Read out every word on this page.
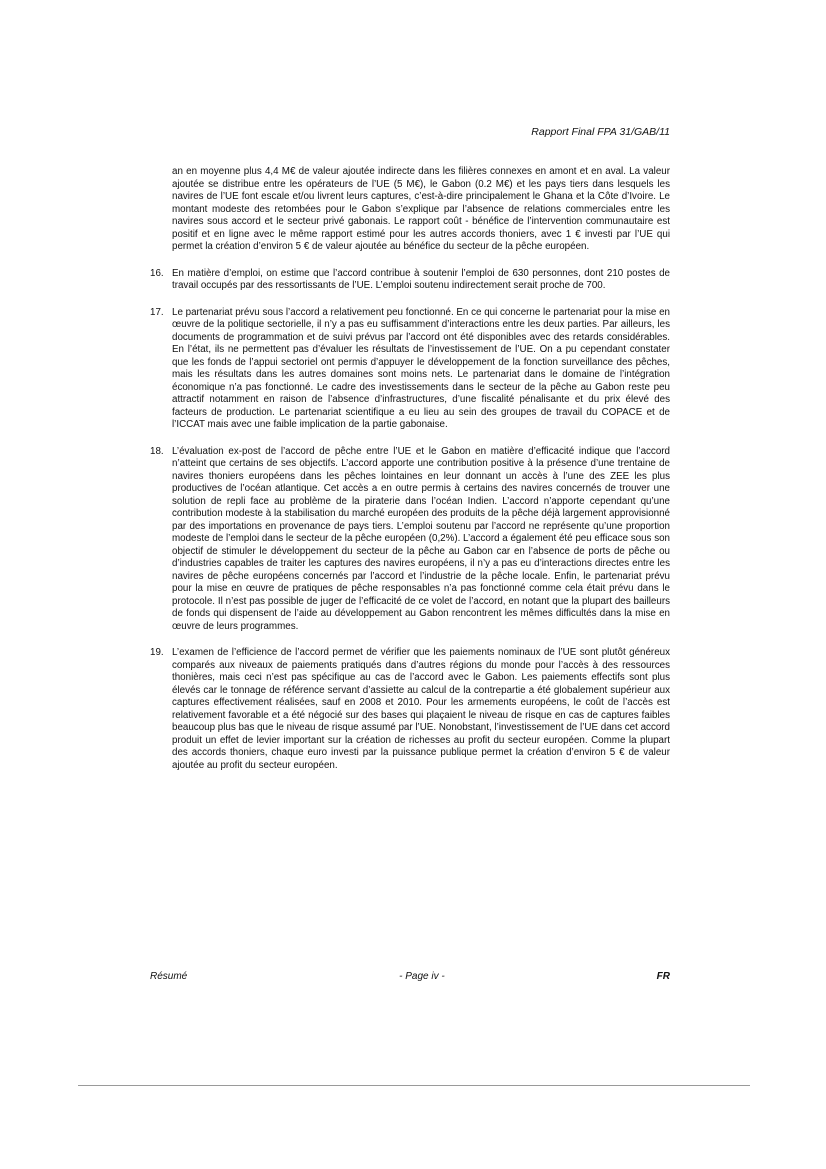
Rapport Final FPA 31/GAB/11

an en moyenne plus 4,4 M€ de valeur ajoutée indirecte dans les filières connexes en amont et en aval. La valeur ajoutée se distribue entre les opérateurs de l’UE (5 M€), le Gabon (0.2 M€) et les pays tiers dans lesquels les navires de l’UE font escale et/ou livrent leurs captures, c’est-à-dire principalement le Ghana et la Côte d’Ivoire. Le montant modeste des retombées pour le Gabon s’explique par l’absence de relations commerciales entre les navires sous accord et le secteur privé gabonais. Le rapport coût - bénéfice de l’intervention communautaire est positif et en ligne avec le même rapport estimé pour les autres accords thoniers, avec 1 € investi par l’UE qui permet la création d’environ 5 € de valeur ajoutée au bénéfice du secteur de la pêche européen.

16. En matière d’emploi, on estime que l’accord contribue à soutenir l’emploi de 630 personnes, dont 210 postes de travail occupés par des ressortissants de l’UE. L’emploi soutenu indirectement serait proche de 700.

17. Le partenariat prévu sous l’accord a relativement peu fonctionné. En ce qui concerne le partenariat pour la mise en œuvre de la politique sectorielle, il n’y a pas eu suffisamment d’interactions entre les deux parties. Par ailleurs, les documents de programmation et de suivi prévus par l’accord ont été disponibles avec des retards considérables. En l’état, ils ne permettent pas d’évaluer les résultats de l’investissement de l’UE. On a pu cependant constater que les fonds de l’appui sectoriel ont permis d’appuyer le développement de la fonction surveillance des pêches, mais les résultats dans les autres domaines sont moins nets. Le partenariat dans le domaine de l’intégration économique n’a pas fonctionné. Le cadre des investissements dans le secteur de la pêche au Gabon reste peu attractif notamment en raison de l’absence d’infrastructures, d’une fiscalité pénalisante et du prix élevé des facteurs de production. Le partenariat scientifique a eu lieu au sein des groupes de travail du COPACE et de l’ICCAT mais avec une faible implication de la partie gabonaise.

18. L’évaluation ex-post de l’accord de pêche entre l’UE et le Gabon en matière d’efficacité indique que l’accord n’atteint que certains de ses objectifs. L’accord apporte une contribution positive à la présence d’une trentaine de navires thoniers européens dans les pêches lointaines en leur donnant un accès à l’une des ZEE les plus productives de l’océan atlantique. Cet accès a en outre permis à certains des navires concernés de trouver une solution de repli face au problème de la piraterie dans l’océan Indien. L’accord n’apporte cependant qu’une contribution modeste à la stabilisation du marché européen des produits de la pêche déjà largement approvisionné par des importations en provenance de pays tiers. L’emploi soutenu par l’accord ne représente qu’une proportion modeste de l’emploi dans le secteur de la pêche européen (0,2%). L’accord a également été peu efficace sous son objectif de stimuler le développement du secteur de la pêche au Gabon car en l’absence de ports de pêche ou d’industries capables de traiter les captures des navires européens, il n’y a pas eu d’interactions directes entre les navires de pêche européens concernés par l’accord et l’industrie de la pêche locale. Enfin, le partenariat prévu pour la mise en œuvre de pratiques de pêche responsables n’a pas fonctionné comme cela était prévu dans le protocole. Il n’est pas possible de juger de l’efficacité de ce volet de l’accord, en notant que la plupart des bailleurs de fonds qui dispensent de l’aide au développement au Gabon rencontrent les mêmes difficultés dans la mise en œuvre de leurs programmes.

19. L’examen de l’efficience de l’accord permet de vérifier que les paiements nominaux de l’UE sont plutôt généreux comparés aux niveaux de paiements pratiqués dans d’autres régions du monde pour l’accès à des ressources thonières, mais ceci n’est pas spécifique au cas de l’accord avec le Gabon. Les paiements effectifs sont plus élevés car le tonnage de référence servant d’assiette au calcul de la contrepartie a été globalement supérieur aux captures effectivement réalisées, sauf en 2008 et 2010. Pour les armements européens, le coût de l’accès est relativement favorable et a été négocié sur des bases qui plaçaient le niveau de risque en cas de captures faibles beaucoup plus bas que le niveau de risque assumé par l’UE. Nonobstant, l’investissement de l’UE dans cet accord produit un effet de levier important sur la création de richesses au profit du secteur européen. Comme la plupart des accords thoniers, chaque euro investi par la puissance publique permet la création d’environ 5 € de valeur ajoutée au profit du secteur européen.

Résumé	- Page iv -	FR
